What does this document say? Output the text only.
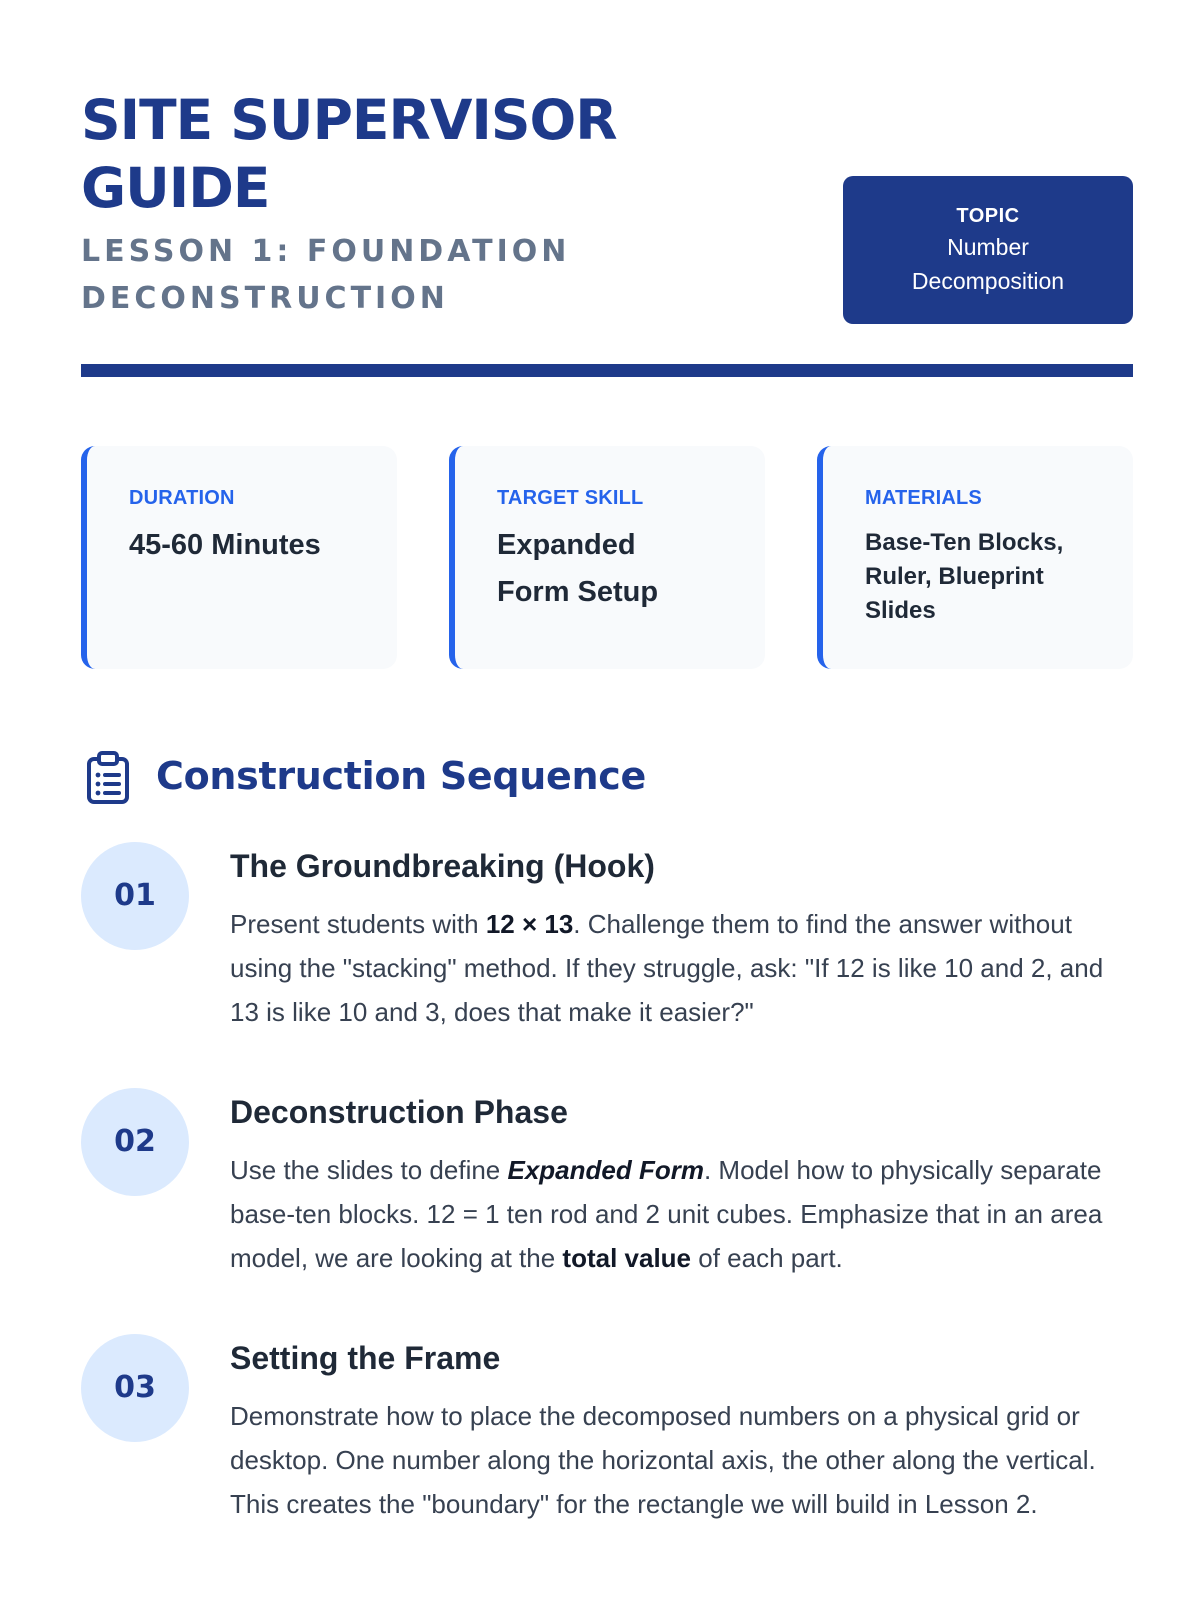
SITE SUPERVISOR GUIDE
LESSON 1: FOUNDATION DECONSTRUCTION
TOPIC
Number
Decomposition
DURATION
45-60 Minutes
TARGET SKILL
Expanded Form Setup
MATERIALS
Base-Ten Blocks, Ruler, Blueprint Slides
Construction Sequence
01
The Groundbreaking (Hook)

Present students with 12 × 13. Challenge them to find the answer without using the "stacking" method. If they struggle, ask: "If 12 is like 10 and 2, and 13 is like 10 and 3, does that make it easier?"

02
Deconstruction Phase

Use the slides to define Expanded Form. Model how to physically separate base-ten blocks. 12 = 1 ten rod and 2 unit cubes. Emphasize that in an area model, we are looking at the total value of each part.

03
Setting the Frame

Demonstrate how to place the decomposed numbers on a physical grid or desktop. One number along the horizontal axis, the other along the vertical. This creates the "boundary" for the rectangle we will build in Lesson 2.
